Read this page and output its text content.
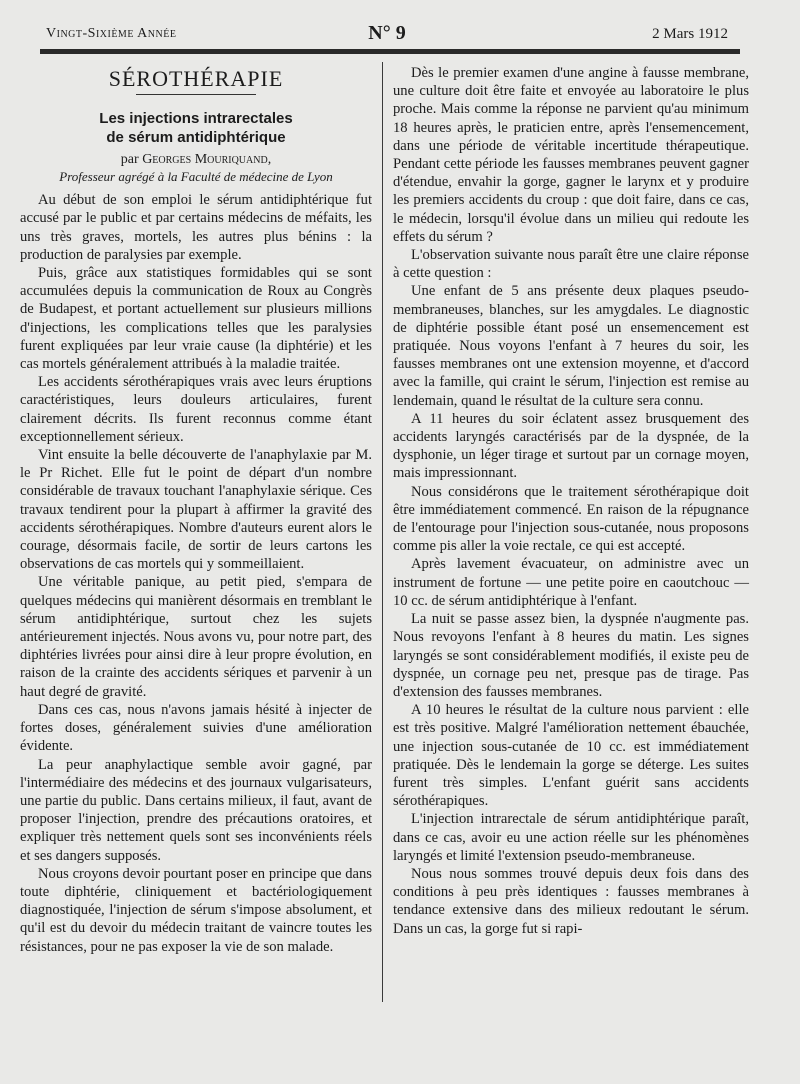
Vingt-Sixième Année	N° 9	2 Mars 1912
SÉROTHÉRAPIE
Les injections intrarectales
de sérum antidiphtérique
par Georges Mouriquand,
Professeur agrégé à la Faculté de médecine de Lyon

Au début de son emploi le sérum antidiphtérique fut accusé par le public et par certains médecins de méfaits, les uns très graves, mortels, les autres plus bénins : la production de paralysies par exemple.

Puis, grâce aux statistiques formidables qui se sont accumulées depuis la communication de Roux au Congrès de Budapest, et portant actuellement sur plusieurs millions d'injections, les complications telles que les paralysies furent expliquées par leur vraie cause (la diphtérie) et les cas mortels généralement attribués à la maladie traitée.

Les accidents sérothérapiques vrais avec leurs éruptions caractéristiques, leurs douleurs articulaires, furent clairement décrits. Ils furent reconnus comme étant exceptionnellement sérieux.

Vint ensuite la belle découverte de l'anaphylaxie par M. le Pr Richet. Elle fut le point de départ d'un nombre considérable de travaux touchant l'anaphylaxie sérique. Ces travaux tendirent pour la plupart à affirmer la gravité des accidents sérothérapiques. Nombre d'auteurs eurent alors le courage, désormais facile, de sortir de leurs cartons les observations de cas mortels qui y sommeillaient.

Une véritable panique, au petit pied, s'empara de quelques médecins qui manièrent désormais en tremblant le sérum antidiphtérique, surtout chez les sujets antérieurement injectés. Nous avons vu, pour notre part, des diphtéries livrées pour ainsi dire à leur propre évolution, en raison de la crainte des accidents sériques et parvenir à un haut degré de gravité.

Dans ces cas, nous n'avons jamais hésité à injecter de fortes doses, généralement suivies d'une amélioration évidente.

La peur anaphylactique semble avoir gagné, par l'intermédiaire des médecins et des journaux vulgarisateurs, une partie du public. Dans certains milieux, il faut, avant de proposer l'injection, prendre des précautions oratoires, et expliquer très nettement quels sont ses inconvénients réels et ses dangers supposés.

Nous croyons devoir pourtant poser en principe que dans toute diphtérie, cliniquement et bactériologiquement diagnostiquée, l'injection de sérum s'impose absolument, et qu'il est du devoir du médecin traitant de vaincre toutes les résistances, pour ne pas exposer la vie de son malade.

Dès le premier examen d'une angine à fausse membrane, une culture doit être faite et envoyée au laboratoire le plus proche. Mais comme la réponse ne parvient qu'au minimum 18 heures après, le praticien entre, après l'ensemencement, dans une période de véritable incertitude thérapeutique. Pendant cette période les fausses membranes peuvent gagner d'étendue, envahir la gorge, gagner le larynx et y produire les premiers accidents du croup : que doit faire, dans ce cas, le médecin, lorsqu'il évolue dans un milieu qui redoute les effets du sérum ?

L'observation suivante nous paraît être une claire réponse à cette question :

Une enfant de 5 ans présente deux plaques pseudo-membraneuses, blanches, sur les amygdales. Le diagnostic de diphtérie possible étant posé un ensemencement est pratiquée. Nous voyons l'enfant à 7 heures du soir, les fausses membranes ont une extension moyenne, et d'accord avec la famille, qui craint le sérum, l'injection est remise au lendemain, quand le résultat de la culture sera connu.

A 11 heures du soir éclatent assez brusquement des accidents laryngés caractérisés par de la dyspnée, de la dysphonie, un léger tirage et surtout par un cornage moyen, mais impressionnant.

Nous considérons que le traitement sérothérapique doit être immédiatement commencé. En raison de la répugnance de l'entourage pour l'injection sous-cutanée, nous proposons comme pis aller la voie rectale, ce qui est accepté.

Après lavement évacuateur, on administre avec un instrument de fortune — une petite poire en caoutchouc — 10 cc. de sérum antidiphtérique à l'enfant.

La nuit se passe assez bien, la dyspnée n'augmente pas. Nous revoyons l'enfant à 8 heures du matin. Les signes laryngés se sont considérablement modifiés, il existe peu de dyspnée, un cornage peu net, presque pas de tirage. Pas d'extension des fausses membranes.

A 10 heures le résultat de la culture nous parvient : elle est très positive. Malgré l'amélioration nettement ébauchée, une injection sous-cutanée de 10 cc. est immédiatement pratiquée. Dès le lendemain la gorge se déterge. Les suites furent très simples. L'enfant guérit sans accidents sérothérapiques.

L'injection intrarectale de sérum antidiphtérique paraît, dans ce cas, avoir eu une action réelle sur les phénomènes laryngés et limité l'extension pseudo-membraneuse.

Nous nous sommes trouvé depuis deux fois dans des conditions à peu près identiques : fausses membranes à tendance extensive dans des milieux redoutant le sérum. Dans un cas, la gorge fut si rapi-
